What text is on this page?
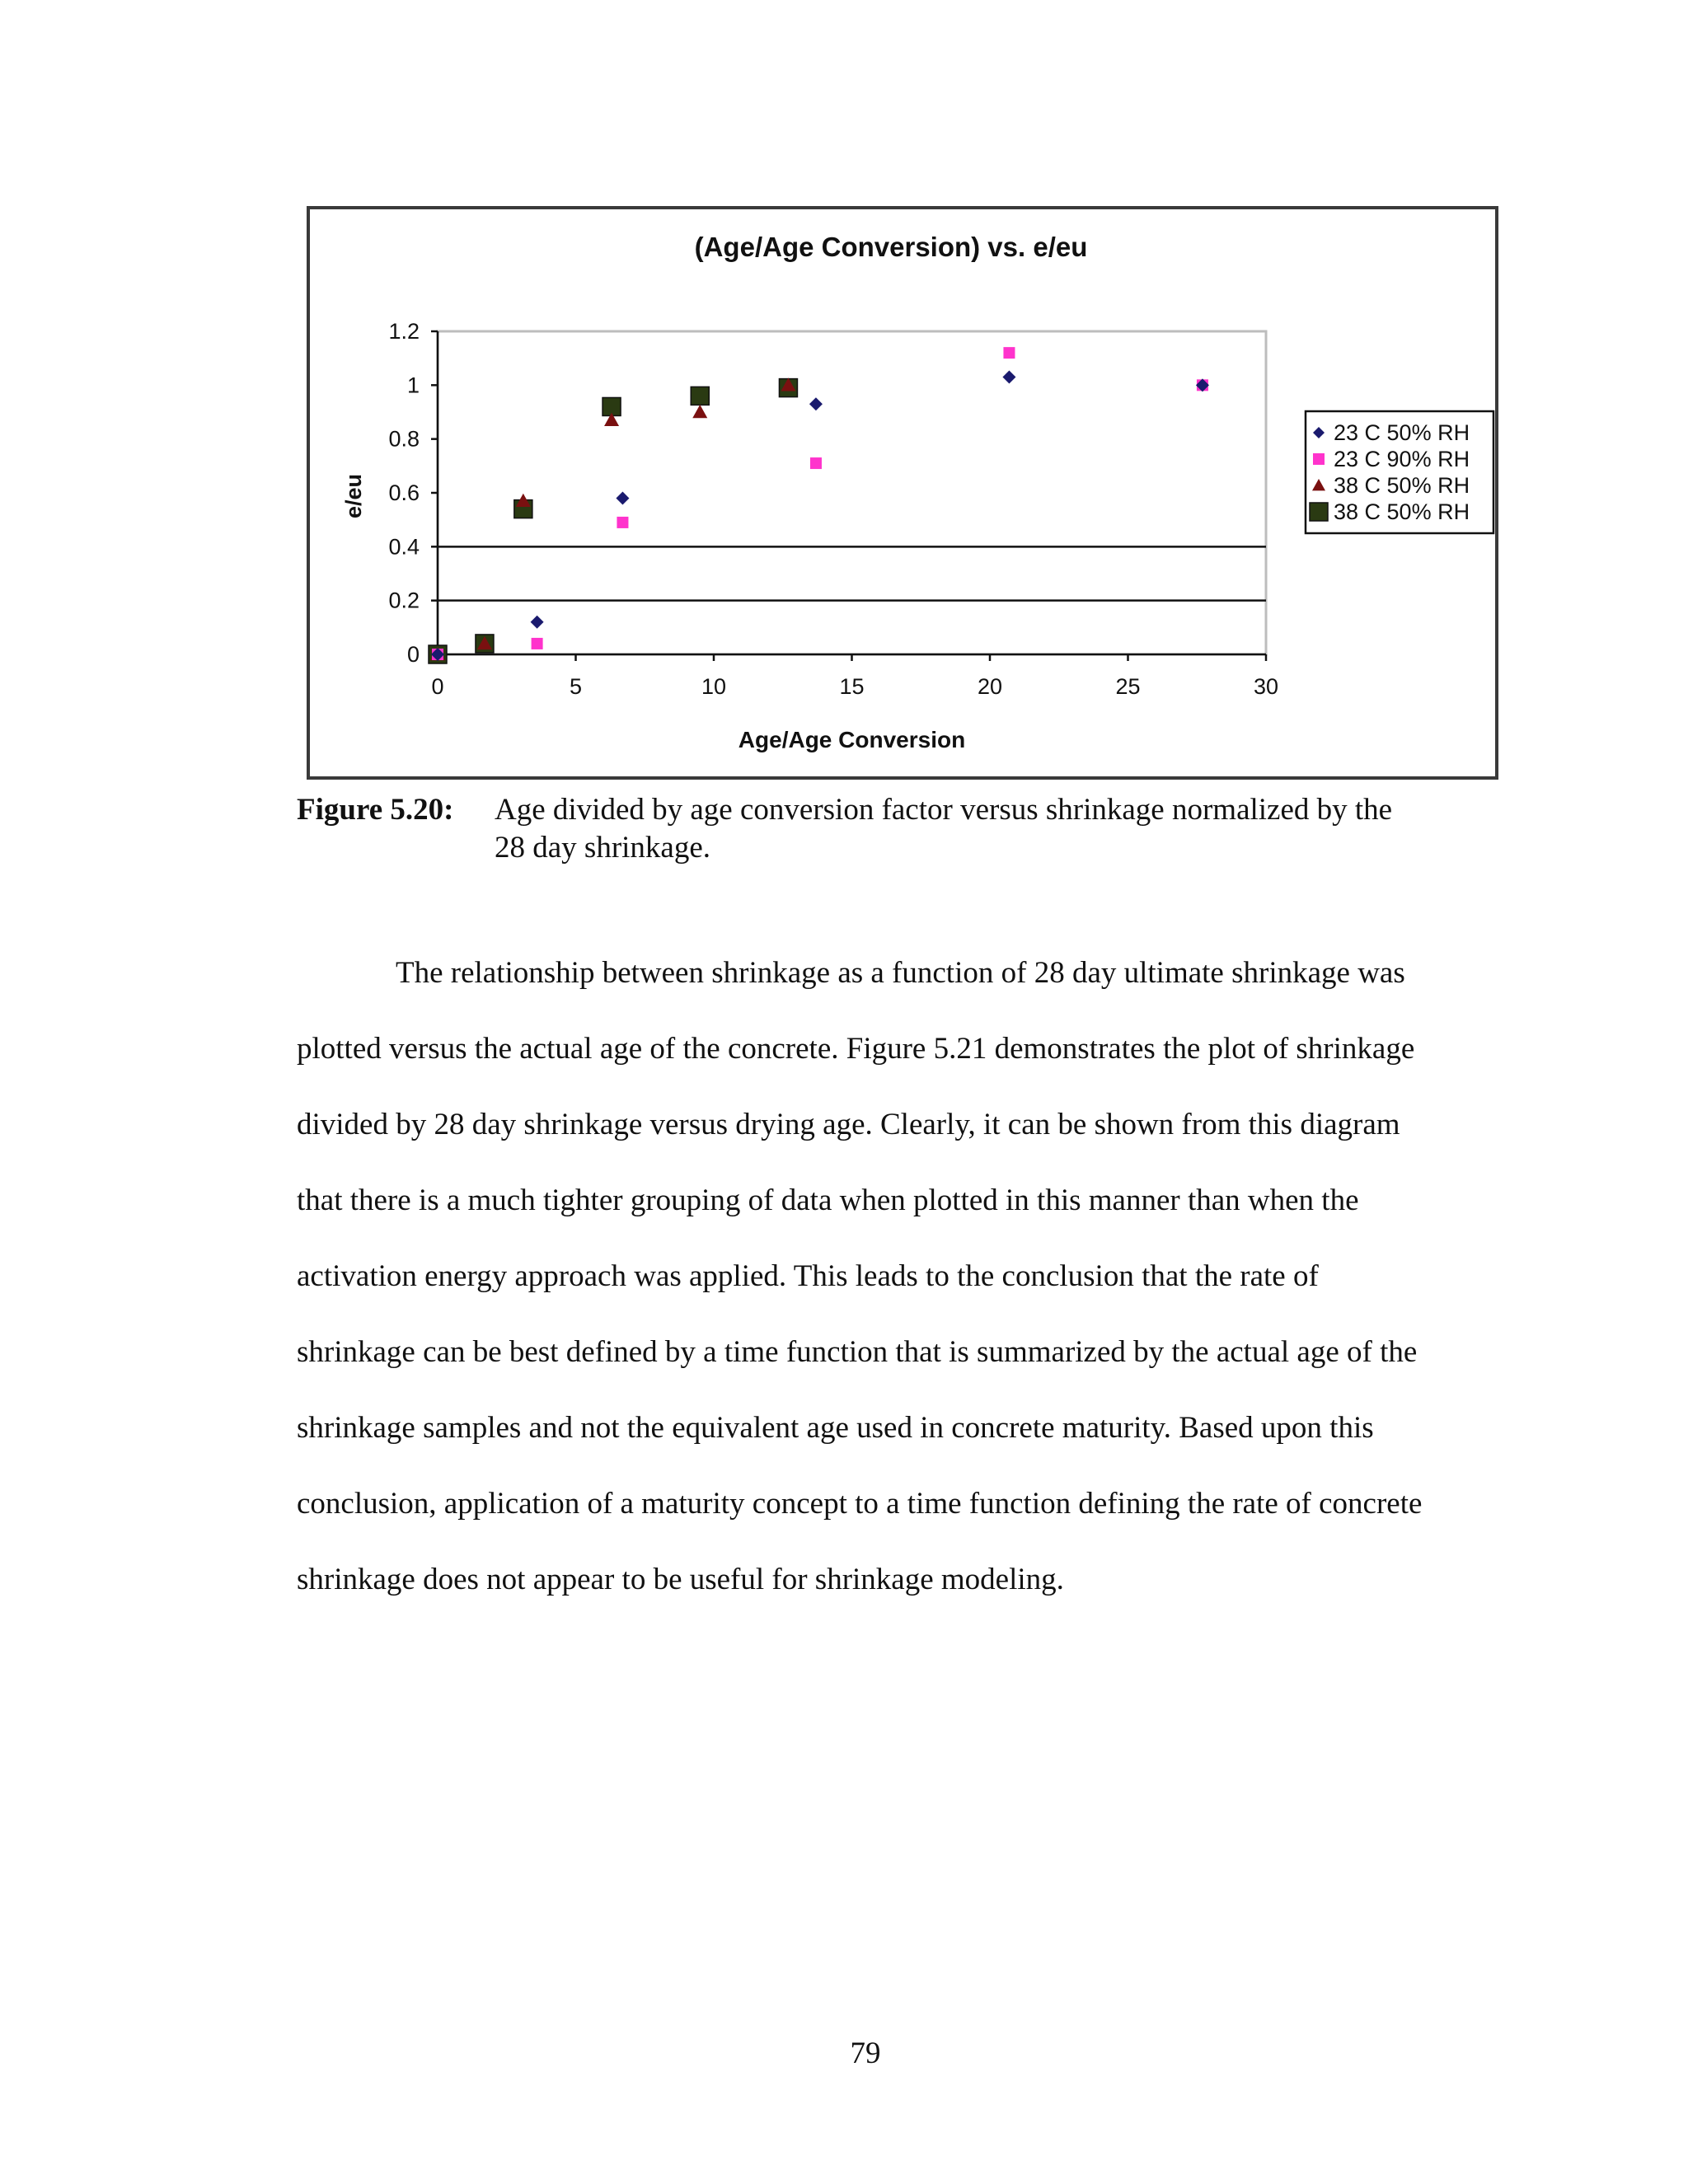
(Age/Age Conversion) vs. e/eu
e/eu
Age/Age Conversion
0
0.2
0.4
0.6
0.8
1
1.2
0	5	10	15	20	25	30
23 C 50% RH
23 C 90% RH
38 C 50% RH
38 C 50% RH
Figure 5.20: Age divided by age conversion factor versus shrinkage normalized by the 28 day shrinkage.

The relationship between shrinkage as a function of 28 day ultimate shrinkage was plotted versus the actual age of the concrete. Figure 5.21 demonstrates the plot of shrinkage divided by 28 day shrinkage versus drying age. Clearly, it can be shown from this diagram that there is a much tighter grouping of data when plotted in this manner than when the activation energy approach was applied. This leads to the conclusion that the rate of shrinkage can be best defined by a time function that is summarized by the actual age of the shrinkage samples and not the equivalent age used in concrete maturity. Based upon this conclusion, application of a maturity concept to a time function defining the rate of concrete shrinkage does not appear to be useful for shrinkage modeling.

79
